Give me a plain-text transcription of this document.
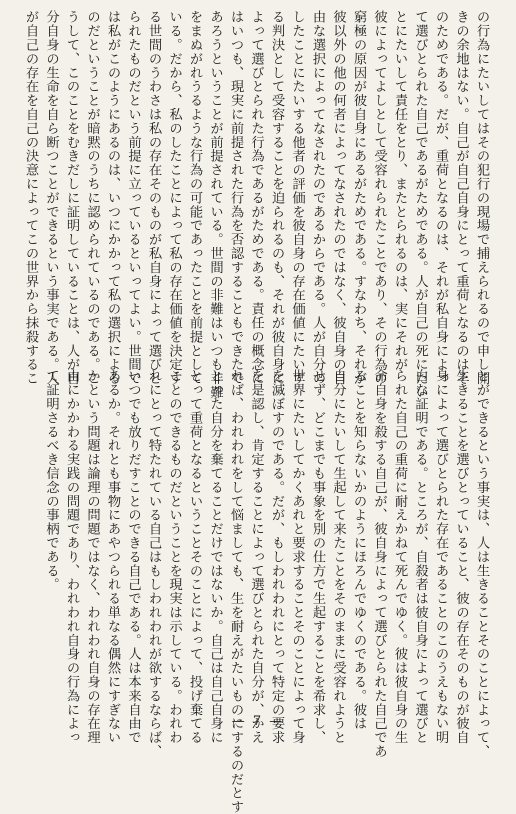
の行為にたいしてはその犯行の現場で捕えられるので申し開
きの余地はない。自己が自己自身にとって重荷となるのはそ
のためである。だが、重荷となるのは、それが私自身によっ
て選びとられた自己であるがためである。人が自己の死にたい
とにたいして責任をとり、またとられるのは、実にそれが
彼によってよしとして受容れられたことであり、その行為の
窮極の原因が彼自身にあるがためである。すなわち、それが
彼以外の他の何者によってなされたのではなく、彼自身の自
由な選択によってなされたのであるからである。人が自分の
したことにたいする他者の評価を彼自身の存在価値にたいす
る判決として受容することを迫られるのも、それが彼自身に
よって選びとられた行為であるがためである。責任の概念に
はいつも、現実に前提された行為を否認することもできたで
あろうということが前提されている。世間の非難はいつも非難
をまぬがれうるような行為の可能であったことを前提として
いる。だから、私のしたことによって私の存在価値を決定す
る世間のうわさは私の存在そのものが私自身によって選びと
られたものだという前提に立っているといってよい。世間で
は私がこのようにあるのは、いつにかかって私の選択による
のだということが暗黙のうちに認められているのである。こ
うして、このことをむきだしに証明していることは、人が自
分自身の生命を自ら断つことができるという事実である。人
が自己の存在を自己の決意によってこの世界から抹殺するこ
とができるという事実は、人は生きることそのことによって、
生きることを選びとっていること、彼の存在そのものが彼自
身によって選びとられた存在であることのこのうえもない明
白な証明である。ところが、自殺者は彼自身によって選びと
られた自己の重荷に耐えかねて死んでゆく。彼は彼自身の生
命自身を殺する自己が、彼自身によって選びとられた自己であ
ることを知らないかのようにほろんでゆくのである。彼は
自分にたいして生起して来たことをそのままに受容れようと
せず、どこまでも事象を別の仕方で生起することを希求し、
世界にたいしてかくあれと要求することそのことによって身
を滅ぼすのである。だが、もしわれわれにとって特定の要求
を是認し、肯定することによって選びとられた自分が、かえ
れば、われわれをして悩ましても、生を耐えがたいものにするのだとす
とった自分を棄てることだけではないか。自己は自己自身に
とって重荷となるということそのことによって、投げ棄てる
ことのできるものだということを現実は示している。われわ
れにとって特たれている自己はもしわれわれが欲するならば、
いつでも放りだすことのできる自己である。人は本来自由で
あるか。それとも事物にあやつられる単なる偶然にすぎない
かという問題は論理の問題ではなく、われわれ自身の存在理
由にかかわる実践の問題であり、われわれ自身の行為によっ
て証明さるべき信念の事柄である。
— 7 —
